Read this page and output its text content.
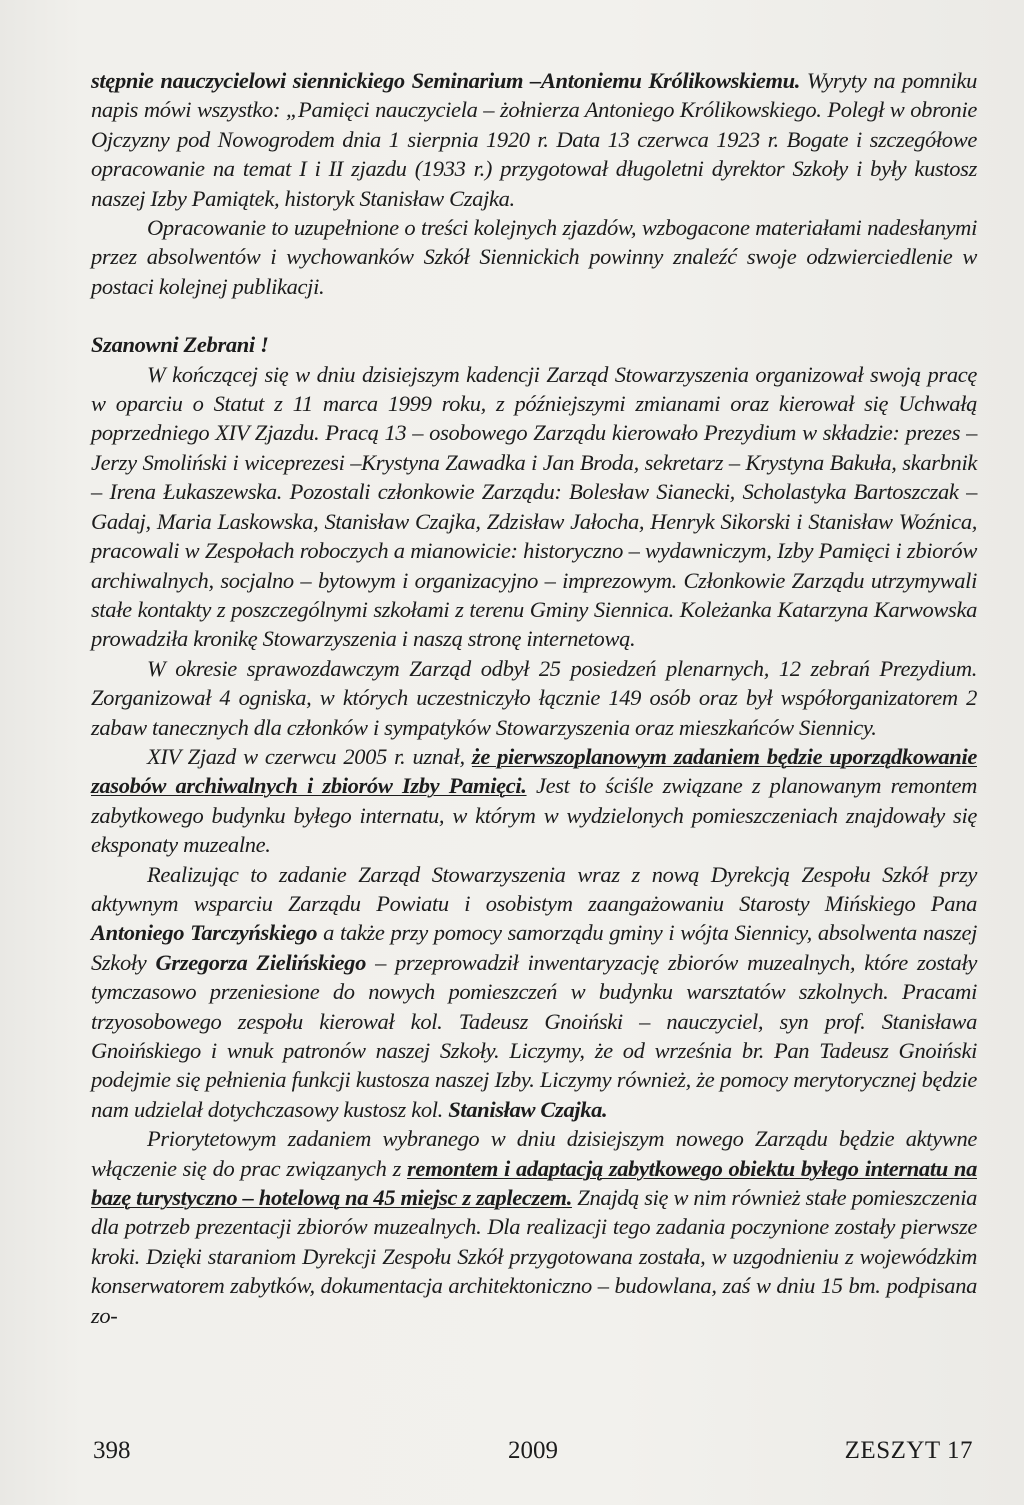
stępnie nauczycielowi siennickiego Seminarium –Antoniemu Królikowskiemu. Wyryty na pomniku napis mówi wszystko: „Pamięci nauczyciela – żołnierza Antoniego Królikowskiego. Poległ w obronie Ojczyzny pod Nowogrodem dnia 1 sierpnia 1920 r. Data 13 czerwca 1923 r. Bogate i szczegółowe opracowanie na temat I i II zjazdu (1933 r.) przygotował długoletni dyrektor Szkoły i były kustosz naszej Izby Pamiątek, historyk Stanisław Czajka.

Opracowanie to uzupełnione o treści kolejnych zjazdów, wzbogacone materiałami nadesłanymi przez absolwentów i wychowanków Szkół Siennickich powinny znaleźć swoje odzwierciedlenie w postaci kolejnej publikacji.

Szanowni Zebrani !

W kończącej się w dniu dzisiejszym kadencji Zarząd Stowarzyszenia organizował swoją pracę w oparciu o Statut z 11 marca 1999 roku, z późniejszymi zmianami oraz kierował się Uchwałą poprzedniego XIV Zjazdu. Pracą 13 – osobowego Zarządu kierowało Prezydium w składzie: prezes – Jerzy Smoliński i wiceprezesi –Krystyna Zawadka i Jan Broda, sekretarz – Krystyna Bakuła, skarbnik – Irena Łukaszewska. Pozostali członkowie Zarządu: Bolesław Sianecki, Scholastyka Bartoszczak – Gadaj, Maria Laskowska, Stanisław Czajka, Zdzisław Jałocha, Henryk Sikorski i Stanisław Woźnica, pracowali w Zespołach roboczych a mianowicie: historyczno – wydawniczym, Izby Pamięci i zbiorów archiwalnych, socjalno – bytowym i organizacyjno – imprezowym. Członkowie Zarządu utrzymywali stałe kontakty z poszczególnymi szkołami z terenu Gminy Siennica. Koleżanka Katarzyna Karwowska prowadziła kronikę Stowarzyszenia i naszą stronę internetową.

W okresie sprawozdawczym Zarząd odbył 25 posiedzeń plenarnych, 12 zebrań Prezydium. Zorganizował 4 ogniska, w których uczestniczyło łącznie 149 osób oraz był współorganizatorem 2 zabaw tanecznych dla członków i sympatyków Stowarzyszenia oraz mieszkańców Siennicy.

XIV Zjazd w czerwcu 2005 r. uznał, że pierwszoplanowym zadaniem będzie uporządkowanie zasobów archiwalnych i zbiorów Izby Pamięci. Jest to ściśle związane z planowanym remontem zabytkowego budynku byłego internatu, w którym w wydzielonych pomieszczeniach znajdowały się eksponaty muzealne.

Realizując to zadanie Zarząd Stowarzyszenia wraz z nową Dyrekcją Zespołu Szkół przy aktywnym wsparciu Zarządu Powiatu i osobistym zaangażowaniu Starosty Mińskiego Pana Antoniego Tarczyńskiego a także przy pomocy samorządu gminy i wójta Siennicy, absolwenta naszej Szkoły Grzegorza Zielińskiego – przeprowadził inwentaryzację zbiorów muzealnych, które zostały tymczasowo przeniesione do nowych pomieszczeń w budynku warsztatów szkolnych. Pracami trzyosobowego zespołu kierował kol. Tadeusz Gnoiński – nauczyciel, syn prof. Stanisława Gnoińskiego i wnuk patronów naszej Szkoły. Liczymy, że od września br. Pan Tadeusz Gnoiński podejmie się pełnienia funkcji kustosza naszej Izby. Liczymy również, że pomocy merytorycznej będzie nam udzielał dotychczasowy kustosz kol. Stanisław Czajka.

Priorytetowym zadaniem wybranego w dniu dzisiejszym nowego Zarządu będzie aktywne włączenie się do prac związanych z remontem i adaptacją zabytkowego obiektu byłego internatu na bazę turystyczno – hotelową na 45 miejsc z zapleczem. Znajdą się w nim również stałe pomieszczenia dla potrzeb prezentacji zbiorów muzealnych. Dla realizacji tego zadania poczynione zostały pierwsze kroki. Dzięki staraniom Dyrekcji Zespołu Szkół przygotowana została, w uzgodnieniu z wojewódzkim konserwatorem zabytków, dokumentacja architektoniczno – budowlana, zaś w dniu 15 bm. podpisana zo-

398	2009	ZESZYT 17
